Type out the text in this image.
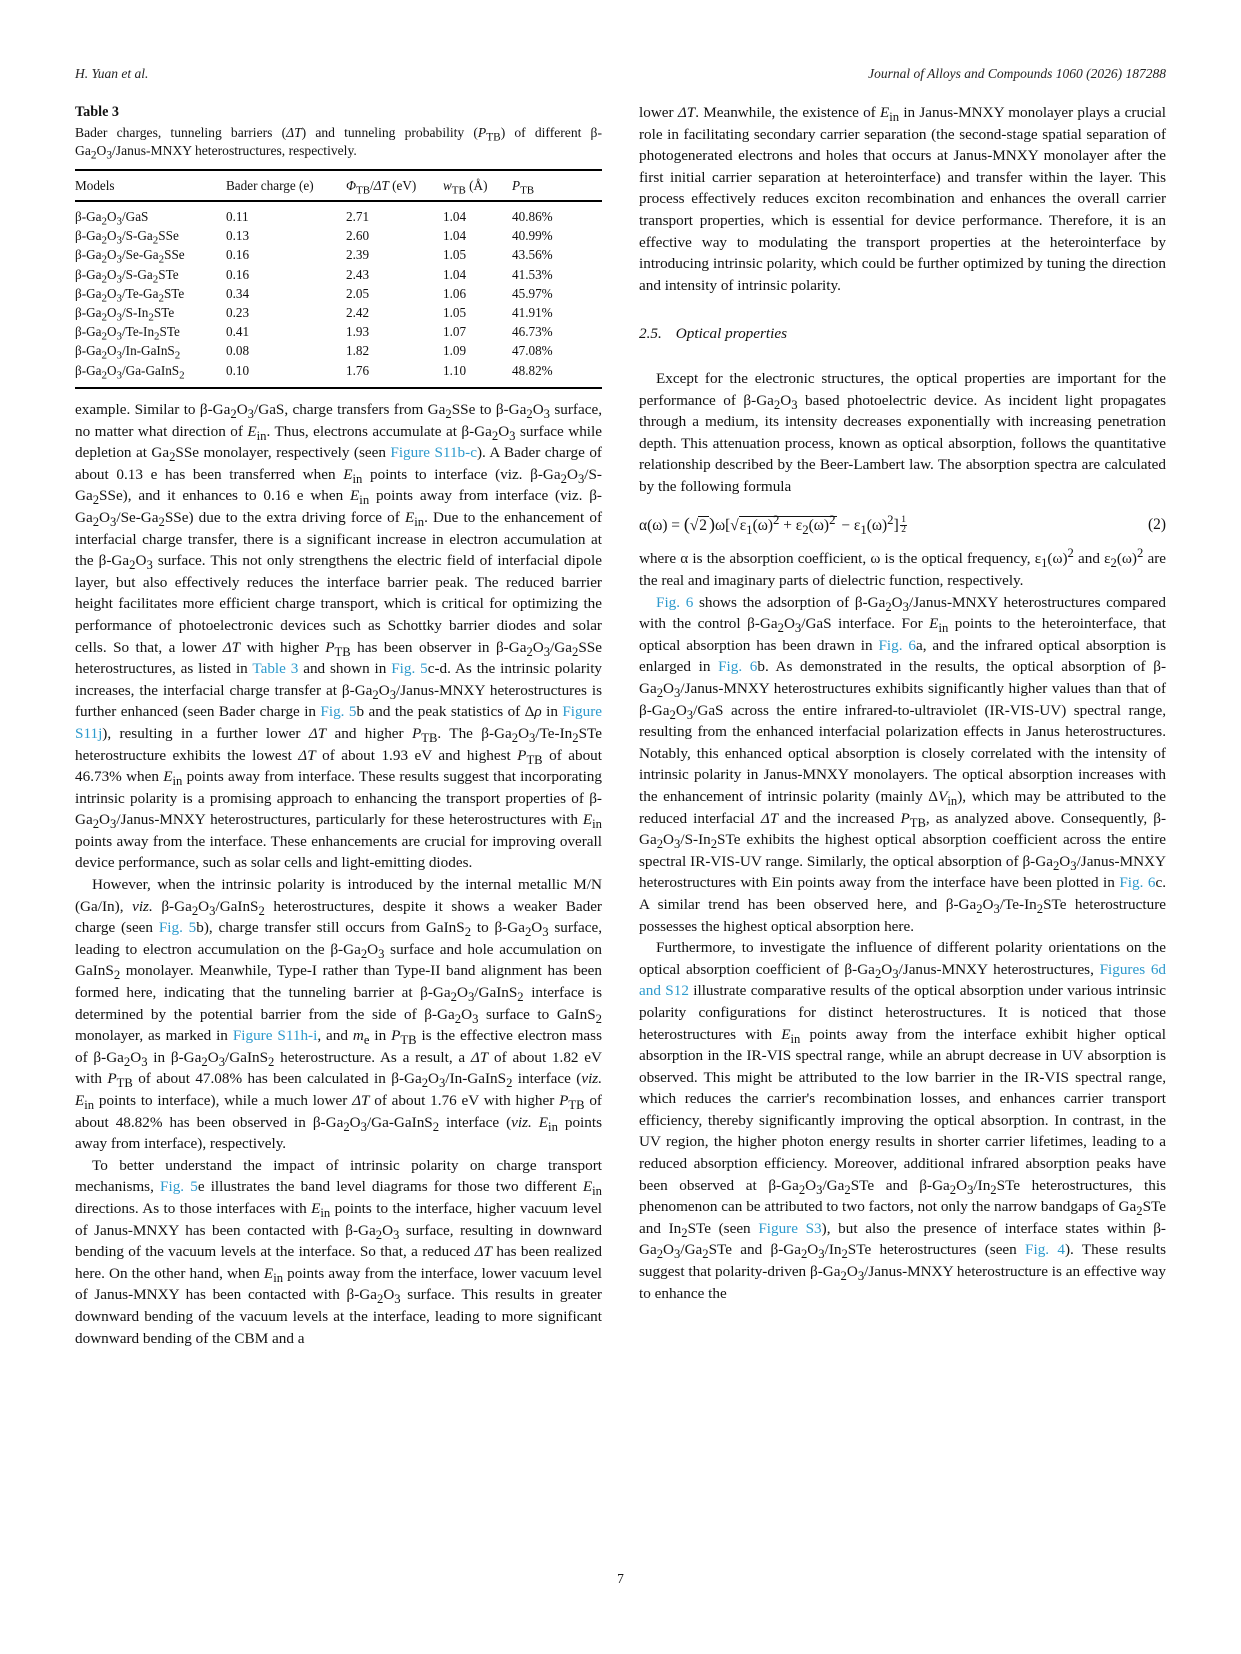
H. Yuan et al.	Journal of Alloys and Compounds 1060 (2026) 187288

Table 3

Bader charges, tunneling barriers (ΔT) and tunneling probability $(P_{TB})$ of different $\beta-Ga_2O_3/Janus$-MNXY heterostructures, respectively.

Models	Bader charge (e)	$\Phi_{TB}/\Delta T$ (eV)	$w_{TB}$ (Å)	$P_{TB}$
$\beta-Ga_2O_3$/GaS	0.11	2.71	1.04	40.86%
$\beta-Ga_2O_3/S-Ga_2SSe$	0.13	2.60	1.04	40.99%
$\beta-Ga_2O_3/Se-Ga_2SSe$	0.16	2.39	1.05	43.56%
$\beta-Ga_2O_3/S-Ga_2STe$	0.16	2.43	1.04	41.53%
$\beta-Ga_2O_3/Te-Ga_2STe$	0.34	2.05	1.06	45.97%
$\beta-Ga_2O_3/S-In_2STe$	0.23	2.42	1.05	41.91%
$\beta-Ga_2O_3/Te-In_2STe$	0.41	1.93	1.07	46.73%
$\beta-Ga_2O_3/In-GaInS_2$	0.08	1.82	1.09	47.08%
$\beta-Ga_2O_3/Ga-GaInS_2$	0.10	1.76	1.10	48.82%

example. Similar to $\beta-Ga_2O_3$/GaS, charge transfers from $Ga_2SSe$ to $\beta-Ga_2O_3$ surface, no matter what direction of $E_{in}$. Thus, electrons accumulate at $\beta-Ga_2O_3$ surface while depletion at $Ga_2SSe$ monolayer, respectively (seen Figure S11b-c). A Bader charge of about 0.13 e has been transferred when $E_{in}$ points to interface (viz. $\beta-Ga_2O_3/S-Ga_2SSe$), and it enhances to 0.16 e when $E_{in}$ points away from interface (viz. $\beta-Ga_2O_3/Se-Ga_2SSe$) due to the extra driving force of $E_{in}$. Due to the enhancement of interfacial charge transfer, there is a significant increase in electron accumulation at the $\beta-Ga_2O_3$ surface. This not only strengthens the electric field of interfacial dipole layer, but also effectively reduces the interface barrier peak. The reduced barrier height facilitates more efficient charge transport, which is critical for optimizing the performance of photoelectronic devices such as Schottky barrier diodes and solar cells. So that, a lower ΔT with higher $P_{TB}$ has been observer in $\beta-Ga_2O_3/Ga_2SSe$ heterostructures, as listed in Table 3 and shown in Fig. 5c-d. As the intrinsic polarity increases, the interfacial charge transfer at $\beta-Ga_2O_3/Janus$-MNXY heterostructures is further enhanced (seen Bader charge in Fig. 5b and the peak statistics of Δρ in Figure S11j), resulting in a further lower ΔT and higher $P_{TB}$. The $\beta-Ga_2O_3/Te-In_2STe$ heterostructure exhibits the lowest ΔT of about 1.93 eV and highest $P_{TB}$ of about 46.73% when $E_{in}$ points away from interface. These results suggest that incorporating intrinsic polarity is a promising approach to enhancing the transport properties of $\beta-Ga_2O_3/Janus$-MNXY heterostructures, particularly for these heterostructures with $E_{in}$ points away from the interface. These enhancements are crucial for improving overall device performance, such as solar cells and light-emitting diodes.

However, when the intrinsic polarity is introduced by the internal metallic M/N (Ga/In), viz. $\beta-Ga_2O_3/GaInS_2$ heterostructures, despite it shows a weaker Bader charge (seen Fig. 5b), charge transfer still occurs from GaInS$_2$ to $\beta-Ga_2O_3$ surface, leading to electron accumulation on the $\beta-Ga_2O_3$ surface and hole accumulation on GaInS$_2$ monolayer. Meanwhile, Type-I rather than Type-II band alignment has been formed here, indicating that the tunneling barrier at $\beta-Ga_2O_3/GaInS_2$ interface is determined by the potential barrier from the side of $\beta-Ga_2O_3$ surface to GaInS$_2$ monolayer, as marked in Figure S11h-i, and $m_e$ in $P_{TB}$ is the effective electron mass of $\beta-Ga_2O_3$ in $\beta-Ga_2O_3/GaInS_2$ heterostructure. As a result, a ΔT of about 1.82 eV with $P_{TB}$ of about 47.08% has been calculated in $\beta-Ga_2O_3/In-GaInS_2$ interface (viz. $E_{in}$ points to interface), while a much lower ΔT of about 1.76 eV with higher $P_{TB}$ of about 48.82% has been observed in $\beta-Ga_2O_3/Ga-GaInS_2$ interface (viz. $E_{in}$ points away from interface), respectively.

To better understand the impact of intrinsic polarity on charge transport mechanisms, Fig. 5e illustrates the band level diagrams for those two different $E_{in}$ directions. As to those interfaces with $E_{in}$ points to the interface, higher vacuum level of Janus-MNXY has been contacted with $\beta-Ga_2O_3$ surface, resulting in downward bending of the vacuum levels at the interface. So that, a reduced ΔT has been realized here. On the other hand, when $E_{in}$ points away from the interface, lower vacuum level of Janus-MNXY has been contacted with $\beta-Ga_2O_3$ surface. This results in greater downward bending of the vacuum levels at the interface, leading to more significant downward bending of the CBM and a

lower ΔT. Meanwhile, the existence of $E_{in}$ in Janus-MNXY monolayer plays a crucial role in facilitating secondary carrier separation (the second-stage spatial separation of photogenerated electrons and holes that occurs at Janus-MNXY monolayer after the first initial carrier separation at heterointerface) and transfer within the layer. This process effectively reduces exciton recombination and enhances the overall carrier transport properties, which is essential for device performance. Therefore, it is an effective way to modulating the transport properties at the heterointerface by introducing intrinsic polarity, which could be further optimized by tuning the direction and intensity of intrinsic polarity.

2.5. Optical properties

Except for the electronic structures, the optical properties are important for the performance of $\beta-Ga_2O_3$ based photoelectric device. As incident light propagates through a medium, its intensity decreases exponentially with increasing penetration depth. This attenuation process, known as optical absorption, follows the quantitative relationship described by the Beer-Lambert law. The absorption spectra are calculated by the following formula

α(ω) = (√2 )$\omega[√\varepsilon_1(\omega)^2 + \varepsilon_2(\omega)^2 - \varepsilon_1(\omega)^2] \frac{1}{2}$	(2)

where α is the absorption coefficient, ω is the optical frequency, $\varepsilon_1(\omega)^2$ and $\varepsilon_2(\omega)^2$ are the real and imaginary parts of dielectric function, respectively.

Fig. 6 shows the adsorption of $\beta-Ga_2O_3/Janus$-MNXY heterostructures compared with the control $\beta-Ga_2O_3$/GaS interface. For $E_{in}$ points to the heterointerface, that optical absorption has been drawn in Fig. 6a, and the infrared optical absorption is enlarged in Fig. 6b. As demonstrated in the results, the optical absorption of $\beta-Ga_2O_3/Janus$-MNXY heterostructures exhibits significantly higher values than that of $\beta-Ga_2O_3$/GaS across the entire infrared-to-ultraviolet (IR-VIS-UV) spectral range, resulting from the enhanced interfacial polarization effects in Janus heterostructures. Notably, this enhanced optical absorption is closely correlated with the intensity of intrinsic polarity in Janus-MNXY monolayers. The optical absorption increases with the enhancement of intrinsic polarity (mainly $\Delta V_{in}$), which may be attributed to the reduced interfacial ΔT and the increased $P_{TB}$, as analyzed above. Consequently, $\beta-Ga_2O_3/S-In_2STe$ exhibits the highest optical absorption coefficient across the entire spectral IR-VIS-UV range. Similarly, the optical absorption of $\beta-Ga_2O_3/Janus$-MNXY heterostructures with Ein points away from the interface have been plotted in Fig. 6c. A similar trend has been observed here, and $\beta-Ga_2O_3/Te-In_2STe$ heterostructure possesses the highest optical absorption here.

Furthermore, to investigate the influence of different polarity orientations on the optical absorption coefficient of $\beta-Ga_2O_3/Janus$-MNXY heterostructures, Figures 6d and S12 illustrate comparative results of the optical absorption under various intrinsic polarity configurations for distinct heterostructures. It is noticed that those heterostructures with $E_{in}$ points away from the interface exhibit higher optical absorption in the IR-VIS spectral range, while an abrupt decrease in UV absorption is observed. This might be attributed to the low barrier in the IR-VIS spectral range, which reduces the carrier's recombination losses, and enhances carrier transport efficiency, thereby significantly improving the optical absorption. In contrast, in the UV region, the higher photon energy results in shorter carrier lifetimes, leading to a reduced absorption efficiency. Moreover, additional infrared absorption peaks have been observed at $\beta-Ga_2O_3/Ga_2STe$ and $\beta-Ga_2O_3/In_2STe$ heterostructures, this phenomenon can be attributed to two factors, not only the narrow bandgaps of $Ga_2STe$ and $In_2STe$ (seen Figure S3), but also the presence of interface states within $\beta-Ga_2O_3/Ga_2STe$ and $\beta-Ga_2O_3/In_2STe$ heterostructures (seen Fig. 4). These results suggest that polarity-driven $\beta-Ga_2O_3/Janus$-MNXY heterostructure is an effective way to enhance the

7
